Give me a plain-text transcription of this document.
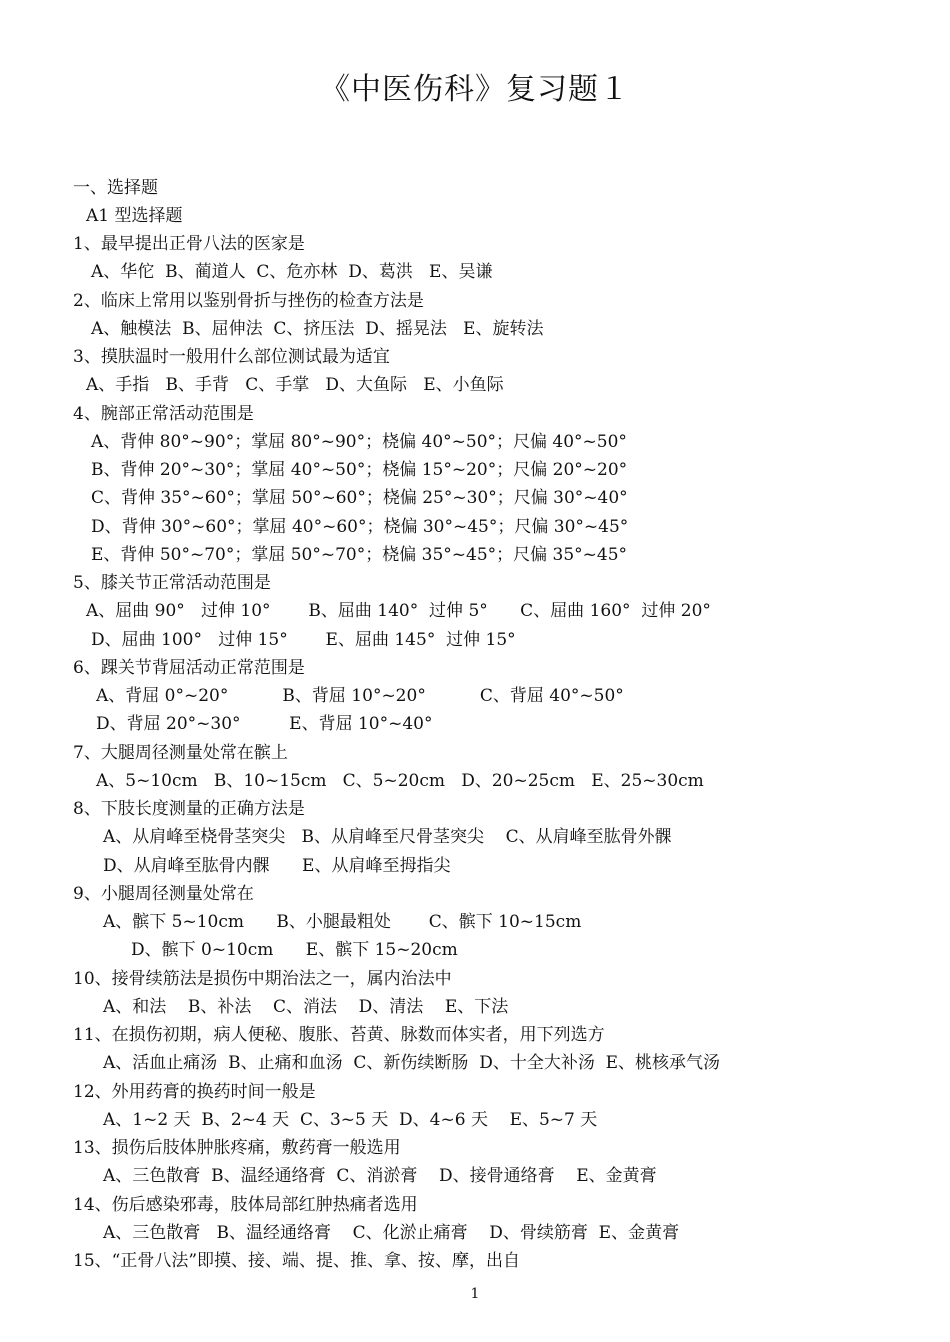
《中医伤科》复习题１
一、选择题
A1 型选择题
1、最早提出正骨八法的医家是
A、华佗  B、蔺道人  C、危亦林  D、葛洪   E、吴谦
2、临床上常用以鉴别骨折与挫伤的检查方法是
A、触模法  B、屈伸法  C、挤压法  D、摇晃法   E、旋转法
3、摸肤温时一般用什么部位测试最为适宜
A、手指   B、手背   C、手掌   D、大鱼际   E、小鱼际
4、腕部正常活动范围是
A、背伸 80°~90°；掌屈 80°~90°；桡偏 40°~50°；尺偏 40°~50°
B、背伸 20°~30°；掌屈 40°~50°；桡偏 15°~20°；尺偏 20°~20°
C、背伸 35°~60°；掌屈 50°~60°；桡偏 25°~30°；尺偏 30°~40°
D、背伸 30°~60°；掌屈 40°~60°；桡偏 30°~45°；尺偏 30°~45°
E、背伸 50°~70°；掌屈 50°~70°；桡偏 35°~45°；尺偏 35°~45°
5、膝关节正常活动范围是
A、屈曲 90°   过伸 10°       B、屈曲 140°  过伸 5°      C、屈曲 160°  过伸 20°
D、屈曲 100°   过伸 15°       E、屈曲 145°  过伸 15°
6、踝关节背屈活动正常范围是
A、背屈 0°~20°          B、背屈 10°~20°          C、背屈 40°~50°
D、背屈 20°~30°         E、背屈 10°~40°
7、大腿周径测量处常在髌上
A、5~10cm   B、10~15cm   C、5~20cm   D、20~25cm   E、25~30cm
8、下肢长度测量的正确方法是
A、从肩峰至桡骨茎突尖   B、从肩峰至尺骨茎突尖    C、从肩峰至肱骨外髁
D、从肩峰至肱骨内髁      E、从肩峰至拇指尖
9、小腿周径测量处常在
A、髌下 5~10cm      B、小腿最粗处       C、髌下 10~15cm
D、髌下 0~10cm      E、髌下 15~20cm
10、接骨续筋法是损伤中期治法之一，属内治法中
A、和法    B、补法    C、消法    D、清法    E、下法
11、在损伤初期，病人便秘、腹胀、苔黄、脉数而体实者，用下列选方
A、活血止痛汤  B、止痛和血汤  C、新伤续断肠  D、十全大补汤  E、桃核承气汤
12、外用药膏的换药时间一般是
A、1~2 天  B、2~4 天  C、3~5 天  D、4~6 天    E、5~7 天
13、损伤后肢体肿胀疼痛，敷药膏一般选用
A、三色散膏  B、温经通络膏  C、消淤膏    D、接骨通络膏    E、金黄膏
14、伤后感染邪毒，肢体局部红肿热痛者选用
A、三色散膏   B、温经通络膏    C、化淤止痛膏    D、骨续筋膏  E、金黄膏
15、“正骨八法”即摸、接、端、提、推、拿、按、摩，出自
1
